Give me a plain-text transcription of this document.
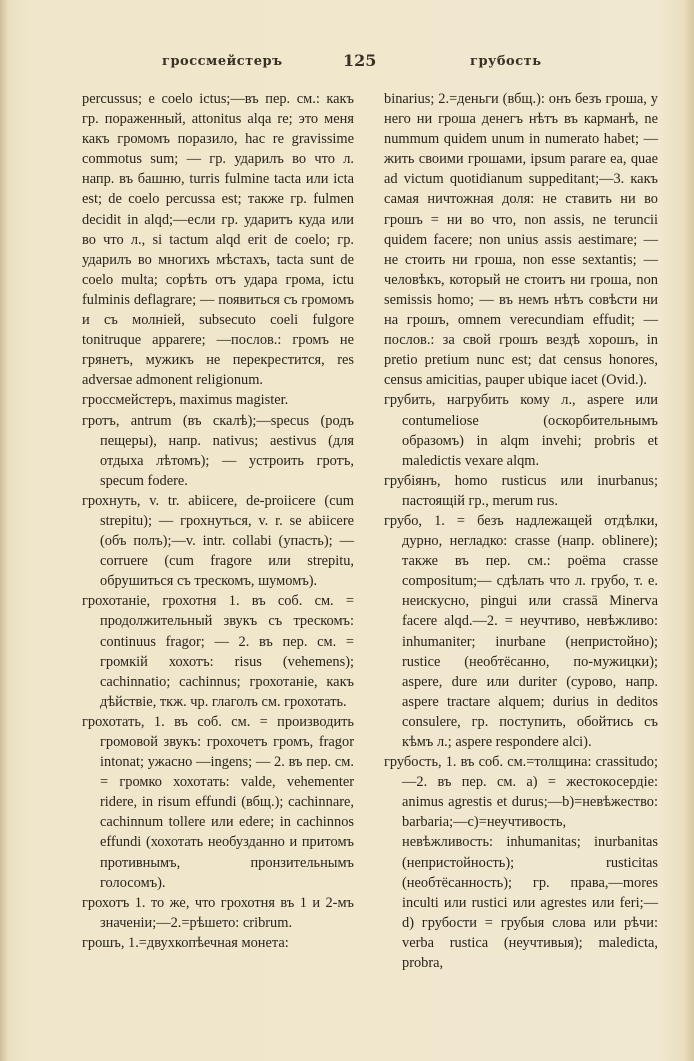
гроссмейстеръ	125	грубость

percussus; e coelo ictus;—въ пер. см.: какъ гр. пораженный, attonitus alqa re; это меня какъ громомъ поразило, hac re gravissime commotus sum; — гр. ударилъ во что л. напр. въ башню, turris fulmine tacta или icta est; de coelo percussa est; также гр. fulmen decidit in alqd;—если гр. ударитъ куда или во что л., si tactum alqd erit de coelo; гр. ударилъ во многихъ мѣстахъ, tacta sunt de coelo multa; сорѣть отъ удара грома, ictu fulminis deflagrare; — появиться съ громомъ и съ молніей, subsecuto coeli fulgore tonitruque apparere; —послов.: громъ не грянетъ, мужикъ не перекрестится, res adversae admonent religionum.

гроссмейстеръ, maximus magister.

гротъ, antrum (въ скалѣ);—specus (родъ пещеры), напр. nativus; aestivus (для отдыха лѣтомъ); — устроить гротъ, specum fodere.

грохнуть, v. tr. abiicere, de-proiicere (cum strepitu); — грохнуться, v. r. se abiicere (объ полъ);—v. intr. collabi (упасть); — corruere (cum fragore или strepitu, обрушиться съ трескомъ, шумомъ).

грохотаніе, грохотня 1. въ соб. см. = продолжительный звукъ съ трескомъ: continuus fragor; — 2. въ пер. см. = громкій хохотъ: risus (vehemens); cachinnatio; cachinnus; грохотаніе, какъ дѣйствіе, ткж. чр. глаголъ см. грохотать.

грохотать, 1. въ соб. см. = производить громовой звукъ: грохочетъ громъ, fragor intonat; ужасно —ingens; — 2. въ пер. см. = громко хохотать: valde, vehementer ridere, in risum effundi (вбщ.); cachinnare, cachinnum tollere или edere; in cachinnos effundi (хохотать необузданно и притомъ противнымъ, пронзительнымъ голосомъ).

грохотъ 1. то же, что грохотня въ 1 и 2-мъ значеніи;—2.=рѣшето: cribrum.

грошъ, 1.=двухкопѣечная монета:

binarius; 2.=деньги (вбщ.): онъ безъ гроша, у него ни гроша денегъ нѣтъ въ карманѣ, ne nummum quidem unum in numerato habet; — жить своими грошами, ipsum parare ea, quae ad victum quotidianum suppeditant;—3. какъ самая ничтожная доля: не ставить ни во грошъ = ни во что, non assis, ne teruncii quidem facere; non unius assis aestimare; — не стоить ни гроша, non esse sextantis; — человѣкъ, который не стоитъ ни гроша, non semissis homo; — въ немъ нѣтъ совѣсти ни на грошъ, omnem verecundiam effudit; — послов.: за свой грошъ вездѣ хорошъ, in pretio pretium nunc est; dat census honores, census amicitias, pauper ubique iacet (Ovid.).

грубить, нагрубить кому л., aspere или contumeliose (оскорбительнымъ образомъ) in alqm invehi; probris et maledictis vexare alqm.

грубіянъ, homo rusticus или inurbanus; пастоящій гр., merum rus.

грубо, 1. = безъ надлежащей отдѣлки, дурно, негладко: crasse (напр. oblinere); также въ пер. см.: poëma crasse compositum;— сдѣлать что л. грубо, т. е. неискусно, pingui или crassā Minerva facere alqd.—2. = неучтиво, невѣжливо: inhumaniter; inurbane (непристойно); rustice (необтёсанно, по-мужицки); aspere, dure или duriter (сурово, напр. aspere tractare alquem; durius in deditos consulere, гр. поступить, обойтись съ кѣмъ л.; aspere respondere alci).

грубость, 1. въ соб. см.=толщина: crassitudo;—2. въ пер. см. а) = жестокосердіе: animus agrestis et durus;—b)=невѣжество: barbaria;—с)=неучтивость, невѣжливость: inhumanitas; inurbanitas (непристойность); rusticitas (необтёсанность); гр. права,—mores inculti или rustici или agrestes или feri;—d) грубости = грубыя слова или рѣчи: verba rustica (неучтивыя); maledicta, probra,
